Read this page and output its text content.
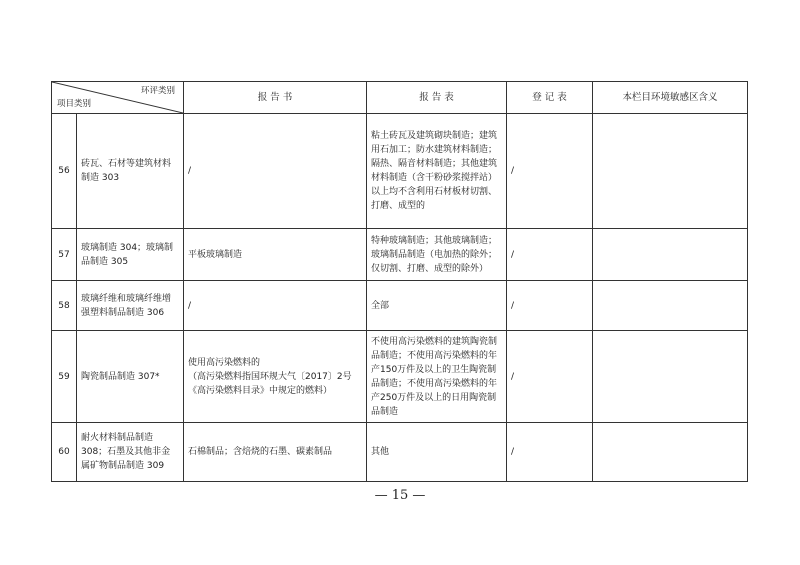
环评类别
项目类别		报 告 书	报 告 表	登 记 表	本栏目环境敏感区含义
56	砖瓦、石材等建筑材料制造 303	/	粘土砖瓦及建筑砌块制造；建筑用石加工；防水建筑材料制造；隔热、隔音材料制造；其他建筑材料制造（含干粉砂浆搅拌站）
以上均不含利用石材板材切割、打磨、成型的	/	
57	玻璃制造 304；玻璃制品制造 305	平板玻璃制造	特种玻璃制造；其他玻璃制造；玻璃制品制造（电加热的除外；仅切割、打磨、成型的除外）	/	
58	玻璃纤维和玻璃纤维增强塑料制品制造 306	/	全部	/	
59	陶瓷制品制造 307*	使用高污染燃料的
（高污染燃料指国环规大气〔2017〕2号《高污染燃料目录》中规定的燃料）	不使用高污染燃料的建筑陶瓷制品制造；不使用高污染燃料的年产150万件及以上的卫生陶瓷制品制造；不使用高污染燃料的年产250万件及以上的日用陶瓷制品制造	/	
60	耐火材料制品制造 308；石墨及其他非金属矿物制品制造 309	石棉制品；含焙烧的石墨、碳素制品	其他	/	
— 15 —
